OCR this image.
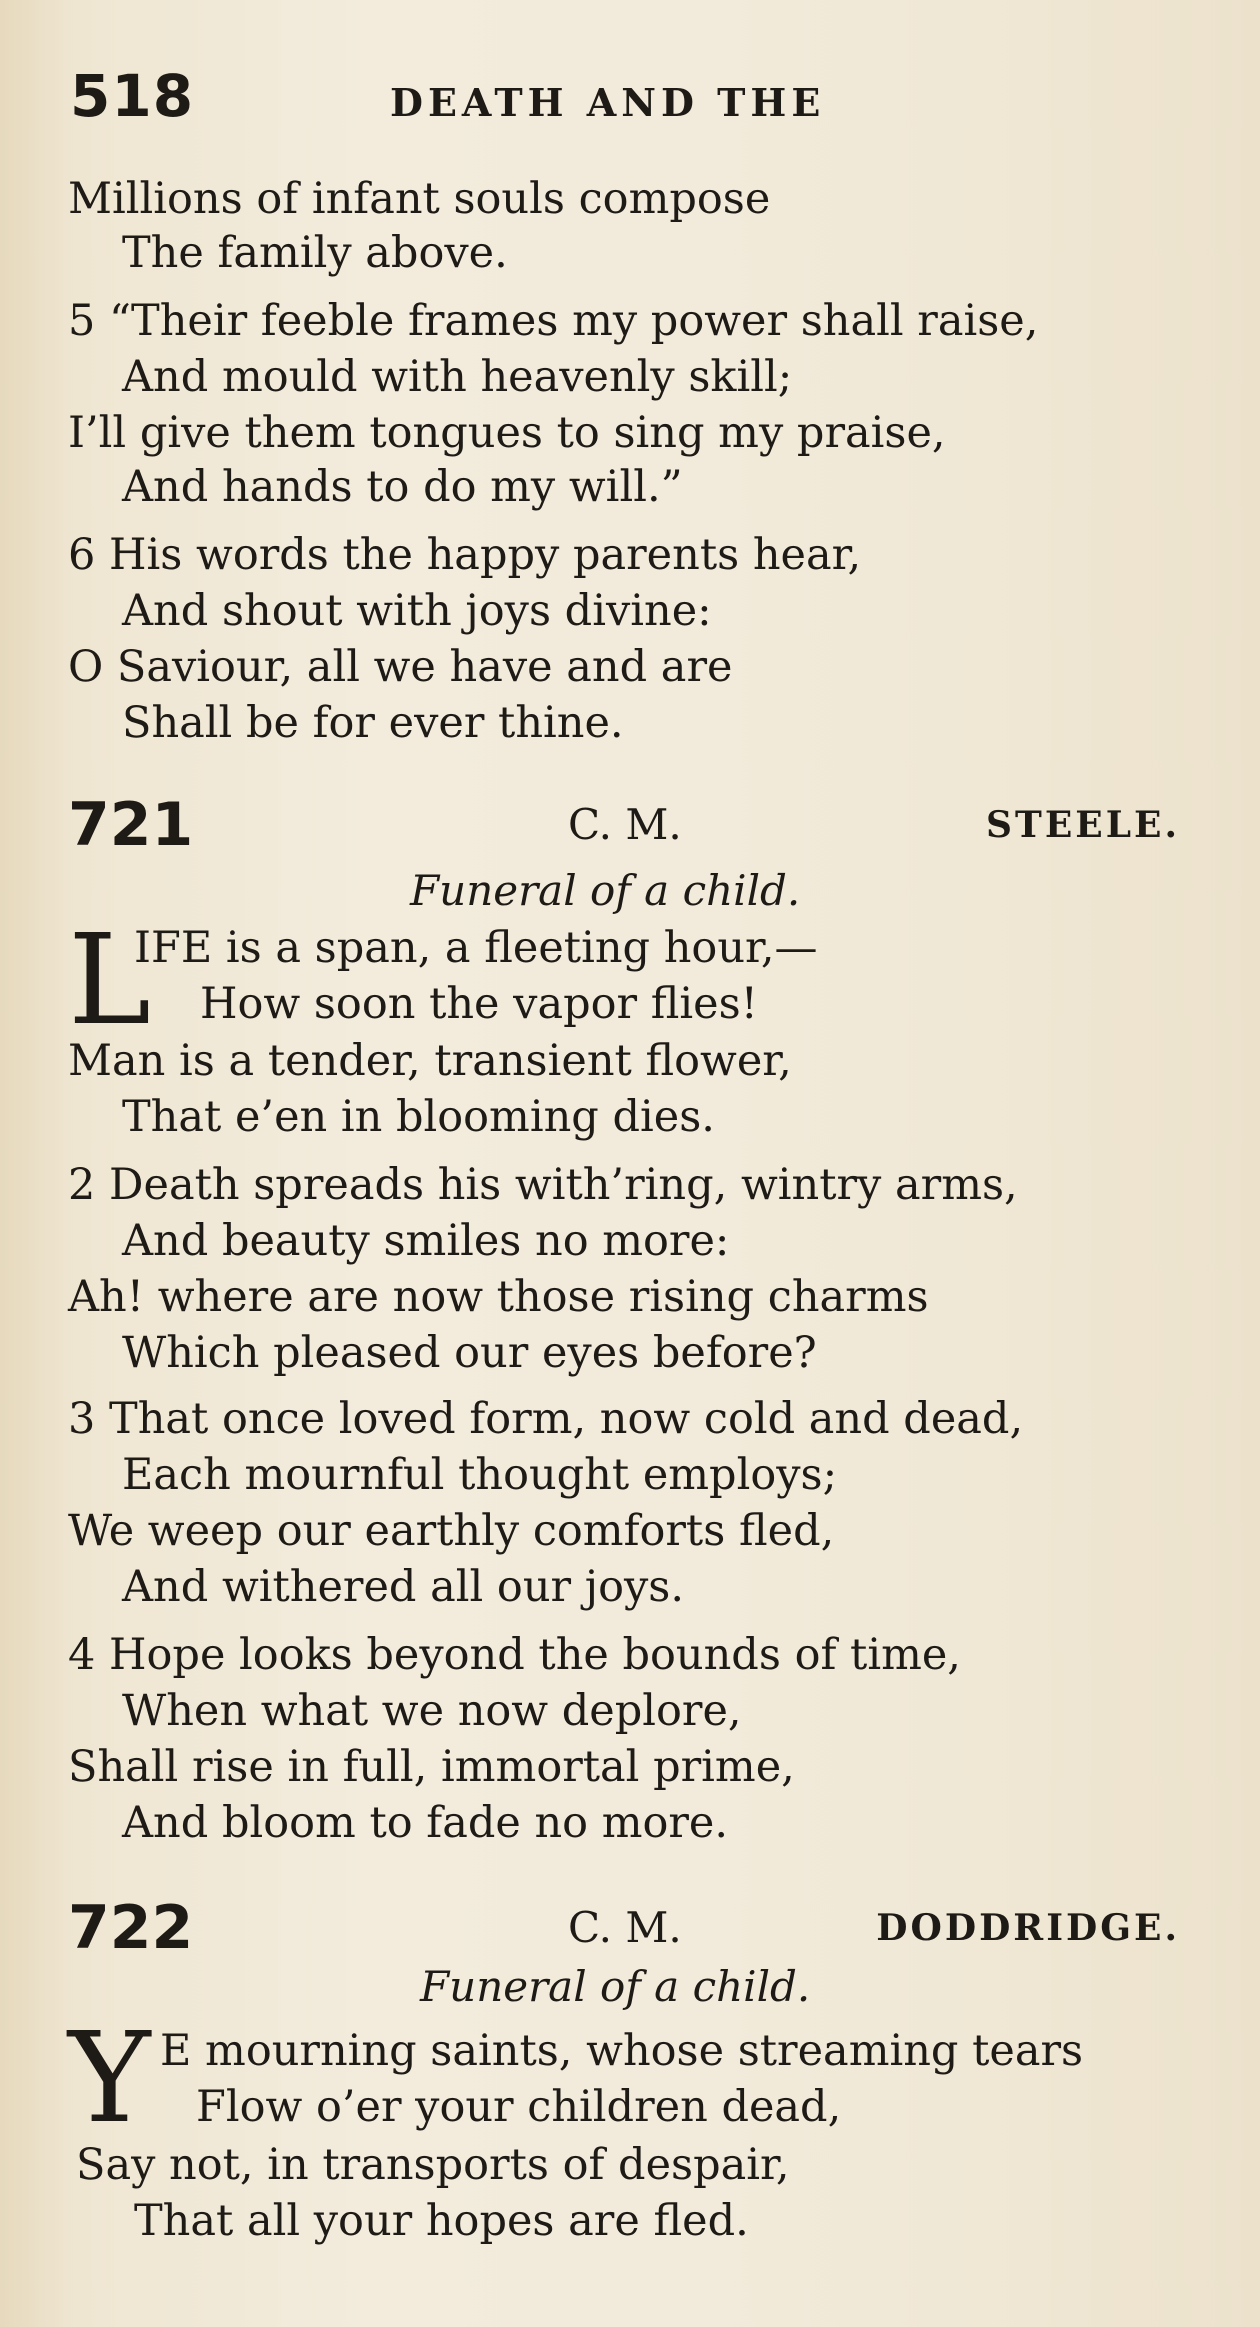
518	DEATH AND THE
Millions of infant souls compose
The family above.
5 “Their feeble frames my power shall raise,
And mould with heavenly skill;
I’ll give them tongues to sing my praise,
And hands to do my will.”
6 His words the happy parents hear,
And shout with joys divine:
O Saviour, all we have and are
Shall be for ever thine.
721	C. M.	STEELE.
Funeral of a child.
L
IFE is a span, a fleeting hour,—
How soon the vapor flies!
Man is a tender, transient flower,
That e’en in blooming dies.
2 Death spreads his with’ring, wintry arms,
And beauty smiles no more:
Ah! where are now those rising charms
Which pleased our eyes before?
3 That once loved form, now cold and dead,
Each mournful thought employs;
We weep our earthly comforts fled,
And withered all our joys.
4 Hope looks beyond the bounds of time,
When what we now deplore,
Shall rise in full, immortal prime,
And bloom to fade no more.
722	C. M.	DODDRIDGE.
Funeral of a child.
Y E mourning saints, whose streaming tears
Flow o’er your children dead,
Say not, in transports of despair,
That all your hopes are fled.
